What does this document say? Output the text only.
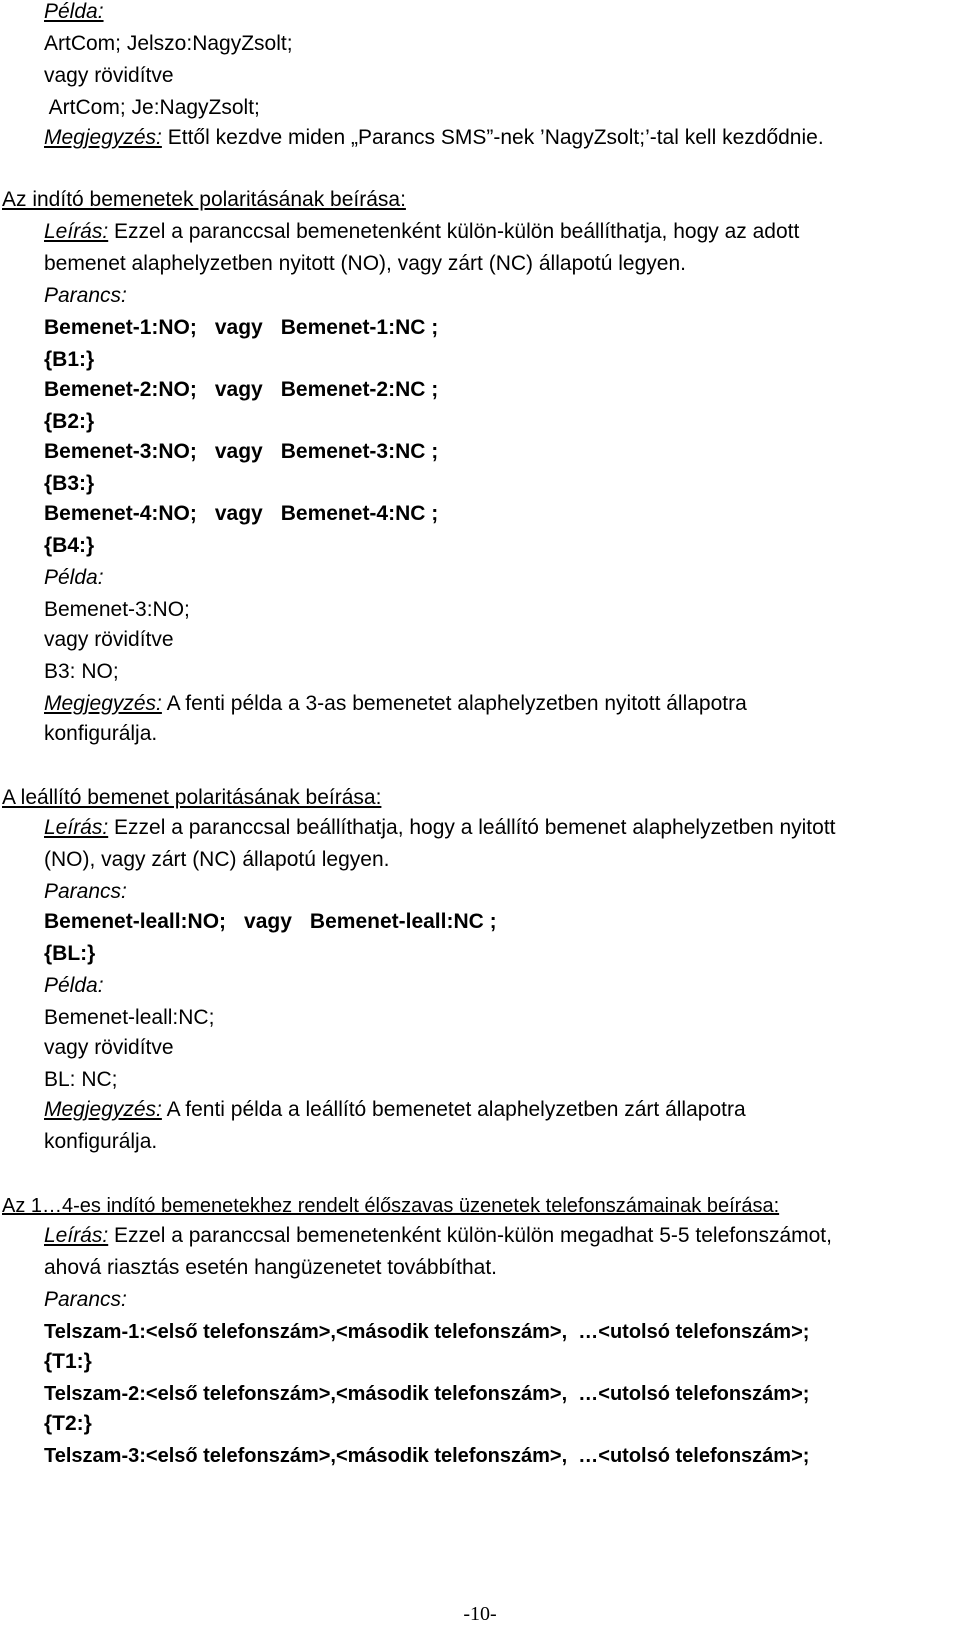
Példa:
ArtCom; Jelszo:NagyZsolt;
vagy rövidítve
ArtCom; Je:NagyZsolt;
Megjegyzés: Ettől kezdve miden „Parancs SMS”-nek ’NagyZsolt;’-tal kell kezdődnie.
Az indító bemenetek polaritásának beírása:
Leírás: Ezzel a paranccsal bemenetenként külön-külön beállíthatja, hogy az adott
bemenet alaphelyzetben nyitott (NO), vagy zárt (NC) állapotú legyen.
Parancs:
Bemenet-1:NO; vagy Bemenet-1:NC ;
{B1:}
Bemenet-2:NO; vagy Bemenet-2:NC ;
{B2:}
Bemenet-3:NO; vagy Bemenet-3:NC ;
{B3:}
Bemenet-4:NO; vagy Bemenet-4:NC ;
{B4:}
Példa:
Bemenet-3:NO;
vagy rövidítve
B3: NO;
Megjegyzés: A fenti példa a 3-as bemenetet alaphelyzetben nyitott állapotra
konfigurálja.
A leállító bemenet polaritásának beírása:
Leírás: Ezzel a paranccsal beállíthatja, hogy a leállító bemenet alaphelyzetben nyitott
(NO), vagy zárt (NC) állapotú legyen.
Parancs:
Bemenet-leall:NO; vagy Bemenet-leall:NC ;
{BL:}
Példa:
Bemenet-leall:NC;
vagy rövidítve
BL: NC;
Megjegyzés: A fenti példa a leállító bemenetet alaphelyzetben zárt állapotra
konfigurálja.
Az 1…4-es indító bemenetekhez rendelt élőszavas üzenetek telefonszámainak beírása:
Leírás: Ezzel a paranccsal bemenetenként külön-külön megadhat 5-5 telefonszámot,
ahová riasztás esetén hangüzenetet továbbíthat.
Parancs:
Telszam-1:<első telefonszám>,<második telefonszám>,  …<utolsó telefonszám>;
{T1:}
Telszam-2:<első telefonszám>,<második telefonszám>,  …<utolsó telefonszám>;
{T2:}
Telszam-3:<első telefonszám>,<második telefonszám>,  …<utolsó telefonszám>;
-10-
